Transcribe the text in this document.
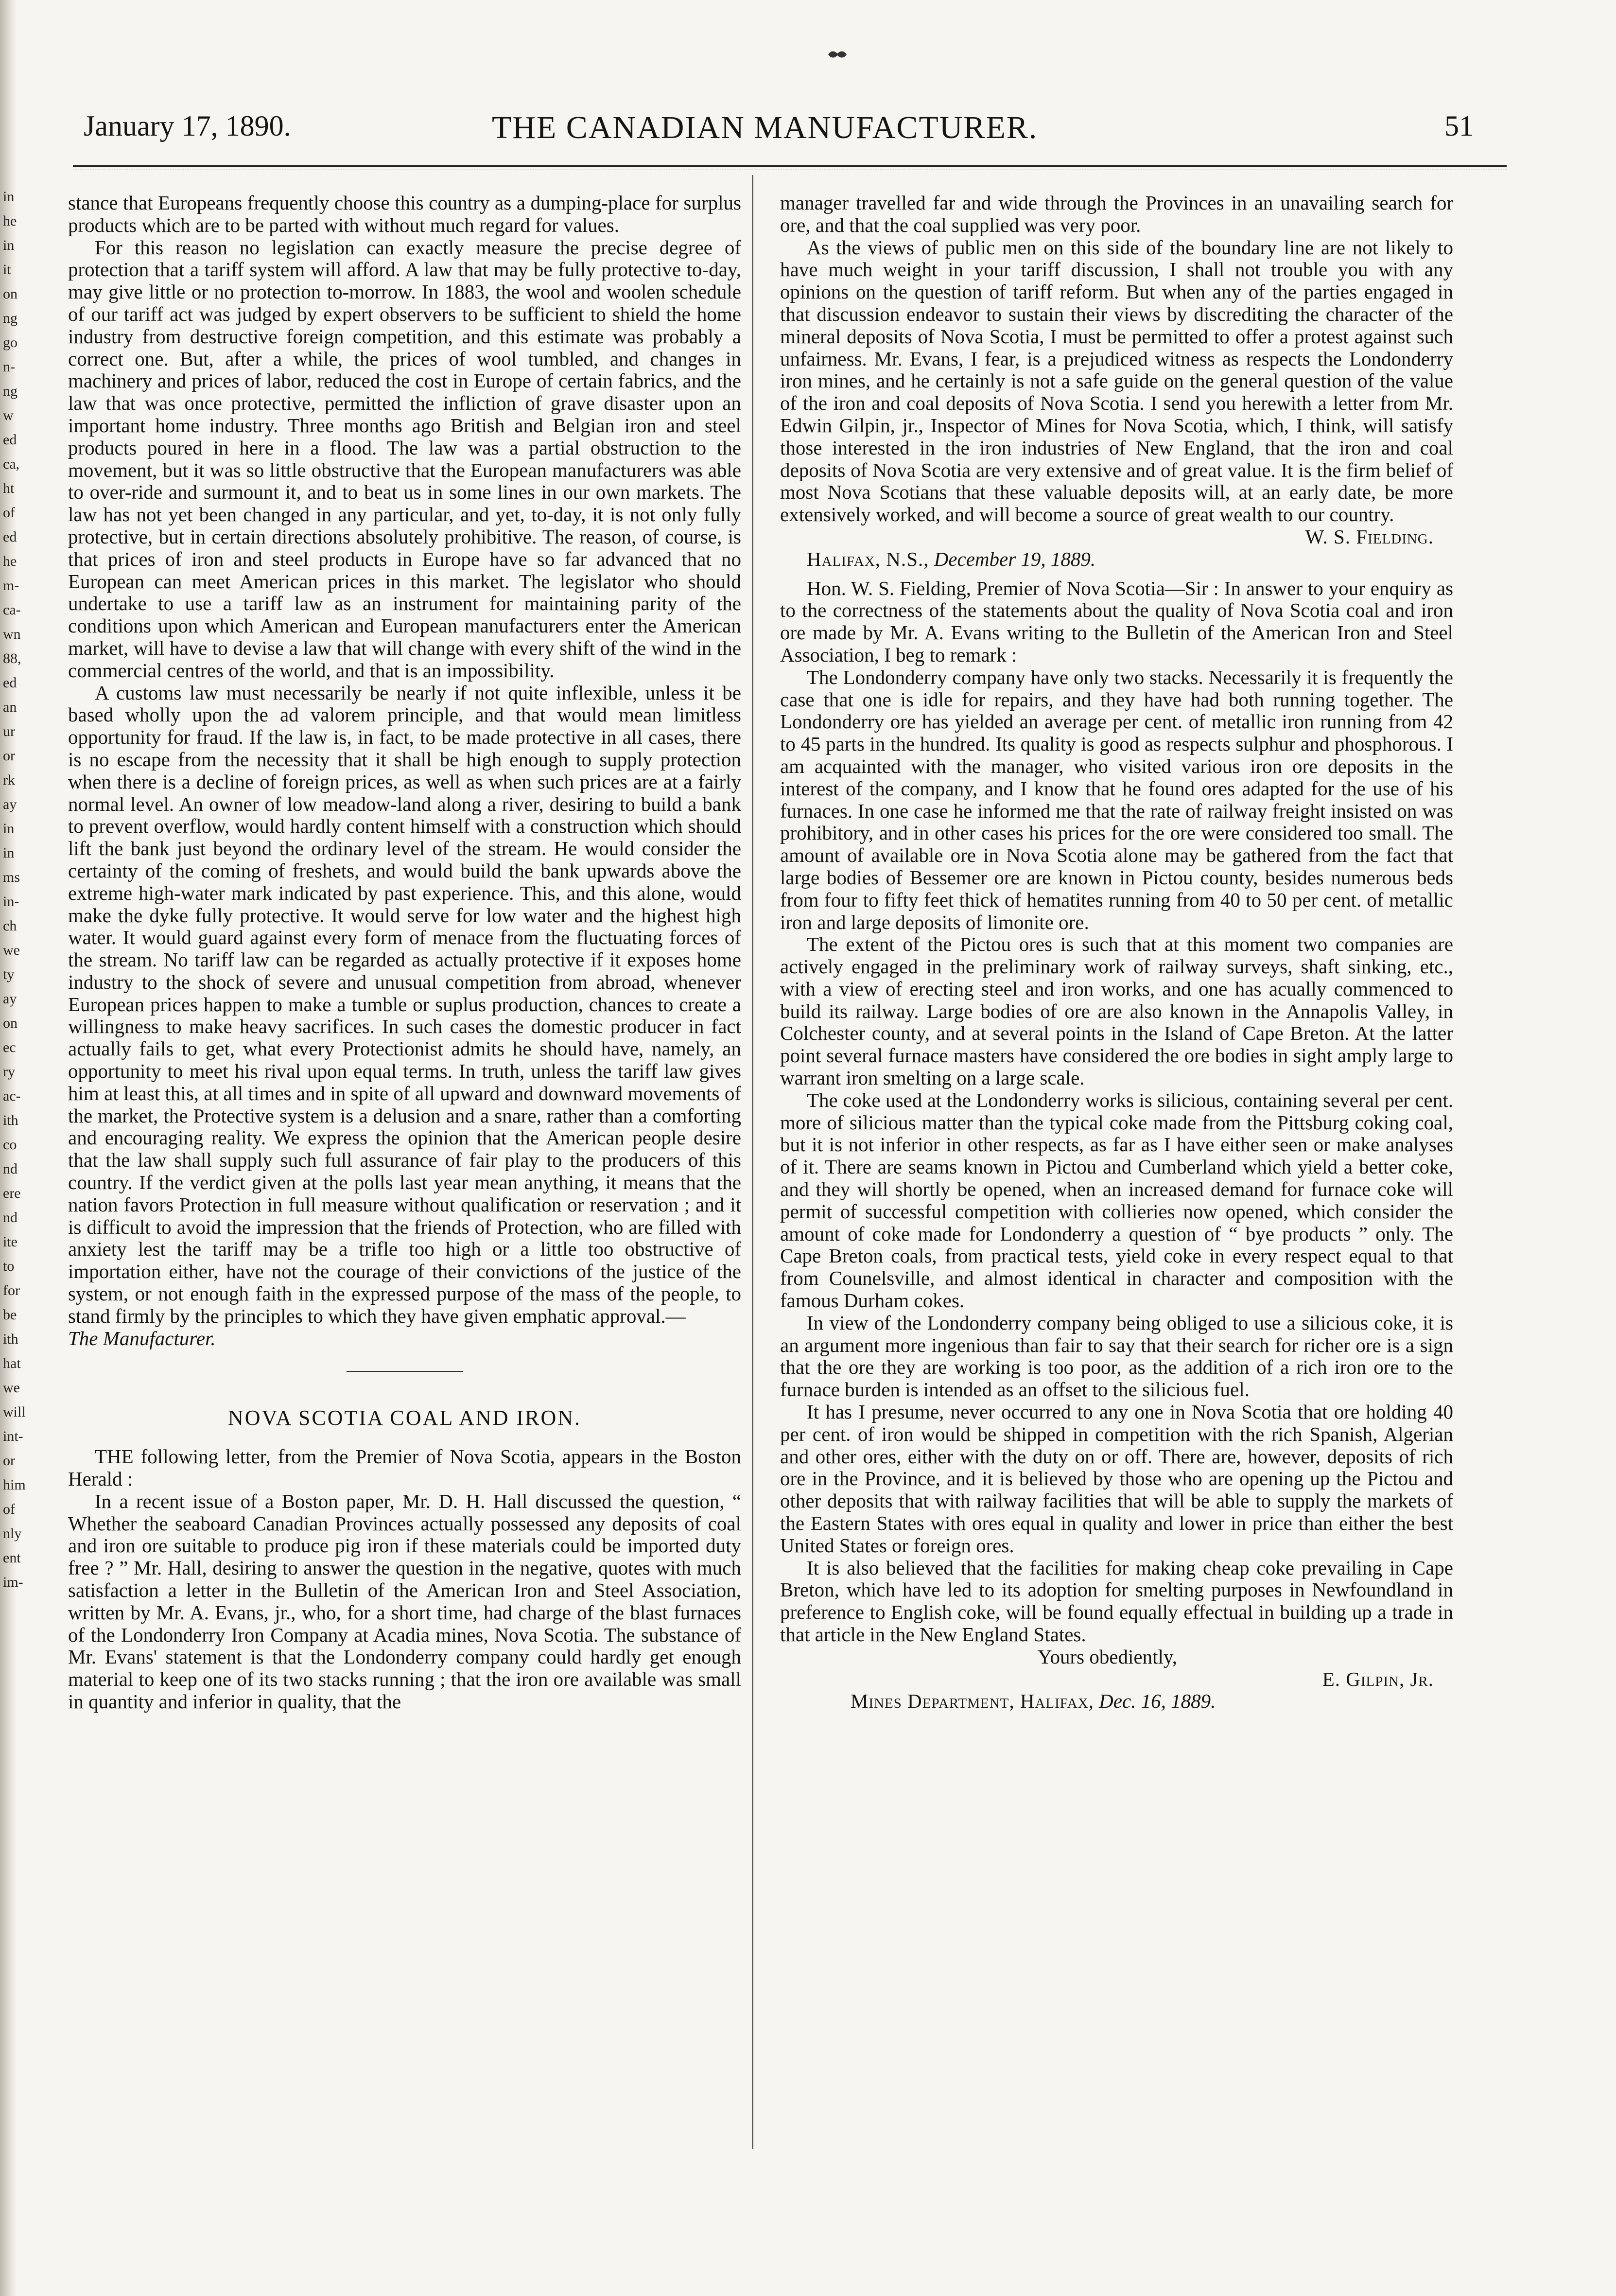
in
he
in
it
on
ng
go
n-
ng
w
ed
ca,
ht
of
ed
he
m-
ca-
wn
88,
ed
an
ur
or
rk
ay
in
in
ms
in-
ch
we
ty
ay
on
ec
ry
ac-
ith
co
nd
ere
nd
ite
to
for
be
ith
hat
we
will
int-
or
him
of
nly
ent
im-
January 17, 1890.	THE CANADIAN MANUFACTURER.	51

stance that Europeans frequently choose this country as a dumping-place for surplus products which are to be parted with without much regard for values.

For this reason no legislation can exactly measure the precise degree of protection that a tariff system will afford. A law that may be fully protective to-day, may give little or no protection to-morrow. In 1883, the wool and woolen schedule of our tariff act was judged by expert observers to be sufficient to shield the home industry from destructive foreign competition, and this estimate was probably a correct one. But, after a while, the prices of wool tumbled, and changes in machinery and prices of labor, reduced the cost in Europe of certain fabrics, and the law that was once protective, permitted the infliction of grave disaster upon an important home industry. Three months ago British and Belgian iron and steel products poured in here in a flood. The law was a partial obstruction to the movement, but it was so little obstructive that the European manufacturers was able to over-ride and surmount it, and to beat us in some lines in our own markets. The law has not yet been changed in any particular, and yet, to-day, it is not only fully protective, but in certain directions absolutely prohibitive. The reason, of course, is that prices of iron and steel products in Europe have so far advanced that no European can meet American prices in this market. The legislator who should undertake to use a tariff law as an instrument for maintaining parity of the conditions upon which American and European manufacturers enter the American market, will have to devise a law that will change with every shift of the wind in the commercial centres of the world, and that is an impossibility.

A customs law must necessarily be nearly if not quite inflexible, unless it be based wholly upon the ad valorem principle, and that would mean limitless opportunity for fraud. If the law is, in fact, to be made protective in all cases, there is no escape from the necessity that it shall be high enough to supply protection when there is a decline of foreign prices, as well as when such prices are at a fairly normal level. An owner of low meadow-land along a river, desiring to build a bank to prevent overflow, would hardly content himself with a construction which should lift the bank just beyond the ordinary level of the stream. He would consider the certainty of the coming of freshets, and would build the bank upwards above the extreme high-water mark indicated by past experience. This, and this alone, would make the dyke fully protective. It would serve for low water and the highest high water. It would guard against every form of menace from the fluctuating forces of the stream. No tariff law can be regarded as actually protective if it exposes home industry to the shock of severe and unusual competition from abroad, whenever European prices happen to make a tumble or suplus production, chances to create a willingness to make heavy sacrifices. In such cases the domestic producer in fact actually fails to get, what every Protectionist admits he should have, namely, an opportunity to meet his rival upon equal terms. In truth, unless the tariff law gives him at least this, at all times and in spite of all upward and downward movements of the market, the Protective system is a delusion and a snare, rather than a comforting and encouraging reality. We express the opinion that the American people desire that the law shall supply such full assurance of fair play to the producers of this country. If the verdict given at the polls last year mean anything, it means that the nation favors Protection in full measure without qualification or reservation ; and it is difficult to avoid the impression that the friends of Protection, who are filled with anxiety lest the tariff may be a trifle too high or a little too obstructive of importation either, have not the courage of their convictions of the justice of the system, or not enough faith in the expressed purpose of the mass of the people, to stand firmly by the principles to which they have given emphatic approval.—

The Manufacturer.

NOVA SCOTIA COAL AND IRON.

THE following letter, from the Premier of Nova Scotia, appears in the Boston Herald :

In a recent issue of a Boston paper, Mr. D. H. Hall discussed the question, “ Whether the seaboard Canadian Provinces actually possessed any deposits of coal and iron ore suitable to produce pig iron if these materials could be imported duty free ? ” Mr. Hall, desiring to answer the question in the negative, quotes with much satisfaction a letter in the Bulletin of the American Iron and Steel Association, written by Mr. A. Evans, jr., who, for a short time, had charge of the blast furnaces of the Londonderry Iron Company at Acadia mines, Nova Scotia. The substance of Mr. Evans' statement is that the Londonderry company could hardly get enough material to keep one of its two stacks running ; that the iron ore available was small in quantity and inferior in quality, that the

manager travelled far and wide through the Provinces in an unavailing search for ore, and that the coal supplied was very poor.

As the views of public men on this side of the boundary line are not likely to have much weight in your tariff discussion, I shall not trouble you with any opinions on the question of tariff reform. But when any of the parties engaged in that discussion endeavor to sustain their views by discrediting the character of the mineral deposits of Nova Scotia, I must be permitted to offer a protest against such unfairness. Mr. Evans, I fear, is a prejudiced witness as respects the Londonderry iron mines, and he certainly is not a safe guide on the general question of the value of the iron and coal deposits of Nova Scotia. I send you herewith a letter from Mr. Edwin Gilpin, jr., Inspector of Mines for Nova Scotia, which, I think, will satisfy those interested in the iron industries of New England, that the iron and coal deposits of Nova Scotia are very extensive and of great value. It is the firm belief of most Nova Scotians that these valuable deposits will, at an early date, be more extensively worked, and will become a source of great wealth to our country.

W. S. Fielding.

Halifax, N.S., December 19, 1889.

Hon. W. S. Fielding, Premier of Nova Scotia—Sir : In answer to your enquiry as to the correctness of the statements about the quality of Nova Scotia coal and iron ore made by Mr. A. Evans writing to the Bulletin of the American Iron and Steel Association, I beg to remark :

The Londonderry company have only two stacks. Necessarily it is frequently the case that one is idle for repairs, and they have had both running together. The Londonderry ore has yielded an average per cent. of metallic iron running from 42 to 45 parts in the hundred. Its quality is good as respects sulphur and phosphorous. I am acquainted with the manager, who visited various iron ore deposits in the interest of the company, and I know that he found ores adapted for the use of his furnaces. In one case he informed me that the rate of railway freight insisted on was prohibitory, and in other cases his prices for the ore were considered too small. The amount of available ore in Nova Scotia alone may be gathered from the fact that large bodies of Bessemer ore are known in Pictou county, besides numerous beds from four to fifty feet thick of hematites running from 40 to 50 per cent. of metallic iron and large deposits of limonite ore.

The extent of the Pictou ores is such that at this moment two companies are actively engaged in the preliminary work of railway surveys, shaft sinking, etc., with a view of erecting steel and iron works, and one has acually commenced to build its railway. Large bodies of ore are also known in the Annapolis Valley, in Colchester county, and at several points in the Island of Cape Breton. At the latter point several furnace masters have considered the ore bodies in sight amply large to warrant iron smelting on a large scale.

The coke used at the Londonderry works is silicious, containing several per cent. more of silicious matter than the typical coke made from the Pittsburg coking coal, but it is not inferior in other respects, as far as I have either seen or make analyses of it. There are seams known in Pictou and Cumberland which yield a better coke, and they will shortly be opened, when an increased demand for furnace coke will permit of successful competition with collieries now opened, which consider the amount of coke made for Londonderry a question of “ bye products ” only. The Cape Breton coals, from practical tests, yield coke in every respect equal to that from Counelsville, and almost identical in character and composition with the famous Durham cokes.

In view of the Londonderry company being obliged to use a silicious coke, it is an argument more ingenious than fair to say that their search for richer ore is a sign that the ore they are working is too poor, as the addition of a rich iron ore to the furnace burden is intended as an offset to the silicious fuel.

It has I presume, never occurred to any one in Nova Scotia that ore holding 40 per cent. of iron would be shipped in competition with the rich Spanish, Algerian and other ores, either with the duty on or off. There are, however, deposits of rich ore in the Province, and it is believed by those who are opening up the Pictou and other deposits that with railway facilities that will be able to supply the markets of the Eastern States with ores equal in quality and lower in price than either the best United States or foreign ores.

It is also believed that the facilities for making cheap coke prevailing in Cape Breton, which have led to its adoption for smelting purposes in Newfoundland in preference to English coke, will be found equally effectual in building up a trade in that article in the New England States.

Yours obediently,

E. Gilpin, Jr.

Mines Department, Halifax, Dec. 16, 1889.
